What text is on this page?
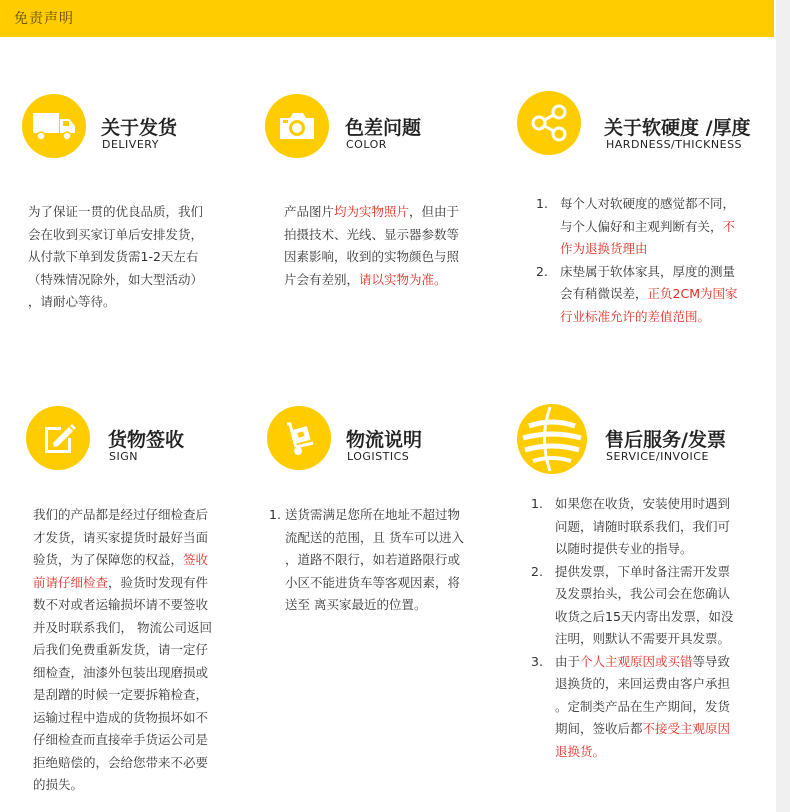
免责声明
关于发货
DELIVERY

为了保证一贯的优良品质，我们

会在收到买家订单后安排发货，

从付款下单到发货需1-2天左右

（特殊情况除外，如大型活动）

，请耐心等待。

色差问题
COLOR

产品图片均为实物照片，但由于

拍摄技术、光线、显示器参数等

因素影响，收到的实物颜色与照

片会有差别，请以实物为准。

关于软硬度 /厚度
HARDNESS/THICKNESS
1. 每个人对软硬度的感觉都不同，

与个人偏好和主观判断有关，不

作为退换货理由

2. 床垫属于软体家具，厚度的测量

会有稍微误差，正负2CM为国家

行业标准允许的差值范围。

货物签收
SIGN

我们的产品都是经过仔细检查后

才发货，请买家提货时最好当面

验货，为了保障您的权益，签收

前请仔细检查，验货时发现有件

数不对或者运输损坏请不要签收

并及时联系我们， 物流公司返回

后我们免费重新发货，请一定仔

细检查，油漆外包装出现磨损或

是刮蹭的时候一定要拆箱检查，

运输过程中造成的货物损坏如不

仔细检查而直接牵手货运公司是

拒绝赔偿的，会给您带来不必要

的损失。

物流说明
LOGISTICS
1. 送货需满足您所在地址不超过物

流配送的范围，且 货车可以进入

，道路不限行，如若道路限行或

小区不能进货车等客观因素，将

送至 离买家最近的位置。

售后服务/发票
SERVICE/INVOICE
1. 如果您在收货，安装使用时遇到

问题，请随时联系我们，我们可

以随时提供专业的指导。

2. 提供发票，下单时备注需开发票

及发票抬头，我公司会在您确认

收货之后15天内寄出发票，如没

注明，则默认不需要开具发票。

3. 由于个人主观原因或买错等导致

退换货的，来回运费由客户承担

。定制类产品在生产期间，发货

期间，签收后都不接受主观原因

退换货。
